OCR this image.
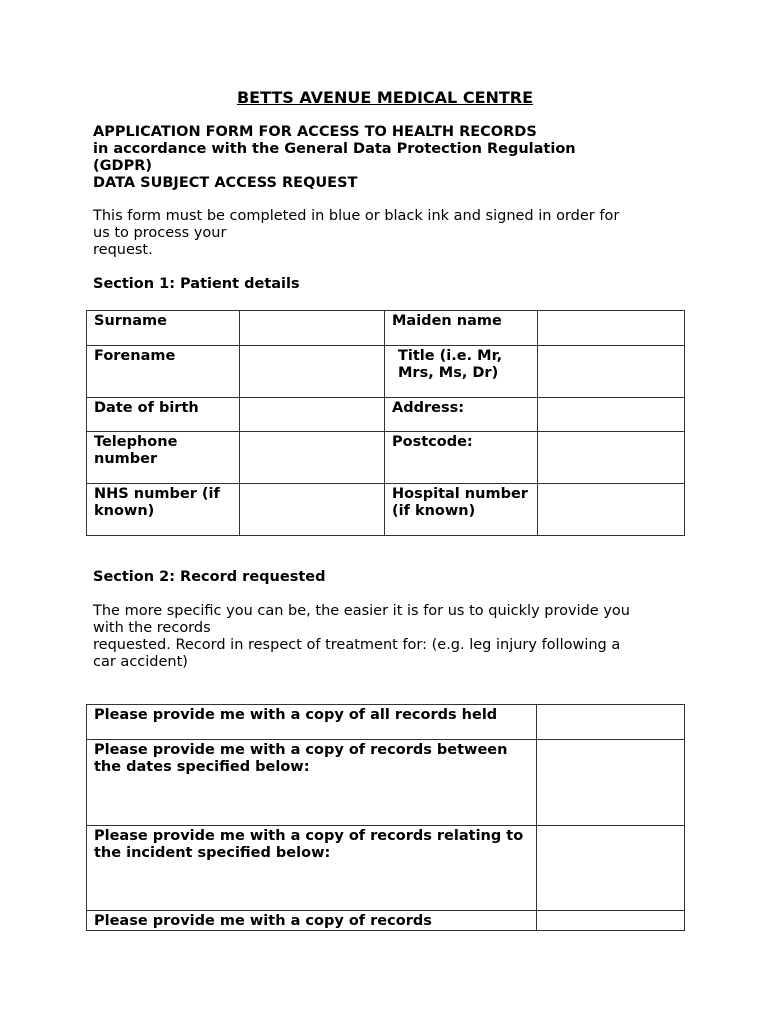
BETTS AVENUE MEDICAL CENTRE
APPLICATION FORM FOR ACCESS TO HEALTH RECORDS
in accordance with the General Data Protection Regulation
(GDPR)
DATA SUBJECT ACCESS REQUEST
This form must be completed in blue or black ink and signed in order for
us to process your
request.
Section 1: Patient details
Surname		Maiden name	
Forename		Title (i.e. Mr, Mrs, Ms, Dr)	
Date of birth		Address:	
Telephone number		Postcode:	
NHS number (if known)		Hospital number (if known)	
Section 2: Record requested
The more specific you can be, the easier it is for us to quickly provide you
with the records
requested. Record in respect of treatment for: (e.g. leg injury following a
car accident)
Please provide me with a copy of all records held	
Please provide me with a copy of records between the dates specified below:	
Please provide me with a copy of records relating to the incident specified below:	
Please provide me with a copy of records	
